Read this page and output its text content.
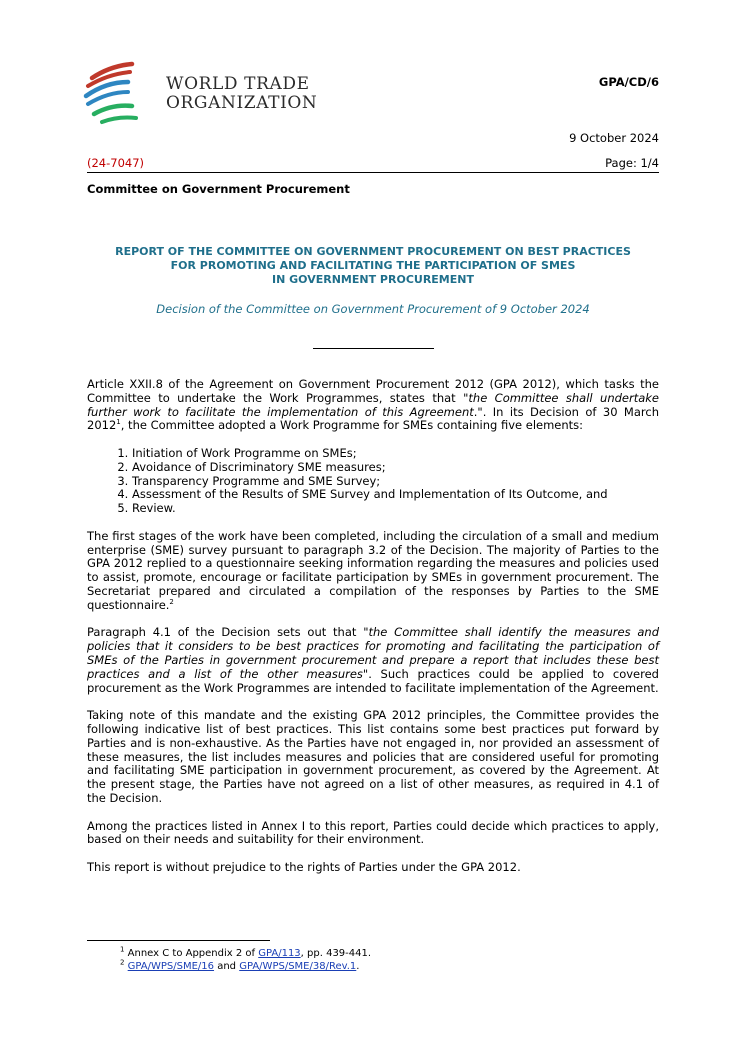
WORLD TRADE
ORGANIZATION
GPA/CD/6
9 October 2024
(24-7047)	Page: 1/4
Committee on Government Procurement
REPORT OF THE COMMITTEE ON GOVERNMENT PROCUREMENT ON BEST PRACTICES
FOR PROMOTING AND FACILITATING THE PARTICIPATION OF SMES
IN GOVERNMENT PROCUREMENT
Decision of the Committee on Government Procurement of 9 October 2024

Article XXII.8 of the Agreement on Government Procurement 2012 (GPA 2012), which tasks the Committee to undertake the Work Programmes, states that "the Committee shall undertake further work to facilitate the implementation of this Agreement.". In its Decision of 30 March 2012$^1$, the Committee adopted a Work Programme for SMEs containing five elements:

1. Initiation of Work Programme on SMEs;
2. Avoidance of Discriminatory SME measures;
3. Transparency Programme and SME Survey;
4. Assessment of the Results of SME Survey and Implementation of Its Outcome, and
5. Review.

The first stages of the work have been completed, including the circulation of a small and medium enterprise (SME) survey pursuant to paragraph 3.2 of the Decision. The majority of Parties to the GPA 2012 replied to a questionnaire seeking information regarding the measures and policies used to assist, promote, encourage or facilitate participation by SMEs in government procurement. The Secretariat prepared and circulated a compilation of the responses by Parties to the SME questionnaire.$^2$

Paragraph 4.1 of the Decision sets out that "the Committee shall identify the measures and policies that it considers to be best practices for promoting and facilitating the participation of SMEs of the Parties in government procurement and prepare a report that includes these best practices and a list of the other measures". Such practices could be applied to covered procurement as the Work Programmes are intended to facilitate implementation of the Agreement.

Taking note of this mandate and the existing GPA 2012 principles, the Committee provides the following indicative list of best practices. This list contains some best practices put forward by Parties and is non-exhaustive. As the Parties have not engaged in, nor provided an assessment of these measures, the list includes measures and policies that are considered useful for promoting and facilitating SME participation in government procurement, as covered by the Agreement. At the present stage, the Parties have not agreed on a list of other measures, as required in 4.1 of the Decision.

Among the practices listed in Annex I to this report, Parties could decide which practices to apply, based on their needs and suitability for their environment.

This report is without prejudice to the rights of Parties under the GPA 2012.

$^1$ Annex C to Appendix 2 of GPA/113, pp. 439-441.
$^2$ GPA/WPS/SME/16 and GPA/WPS/SME/38/Rev.1.
